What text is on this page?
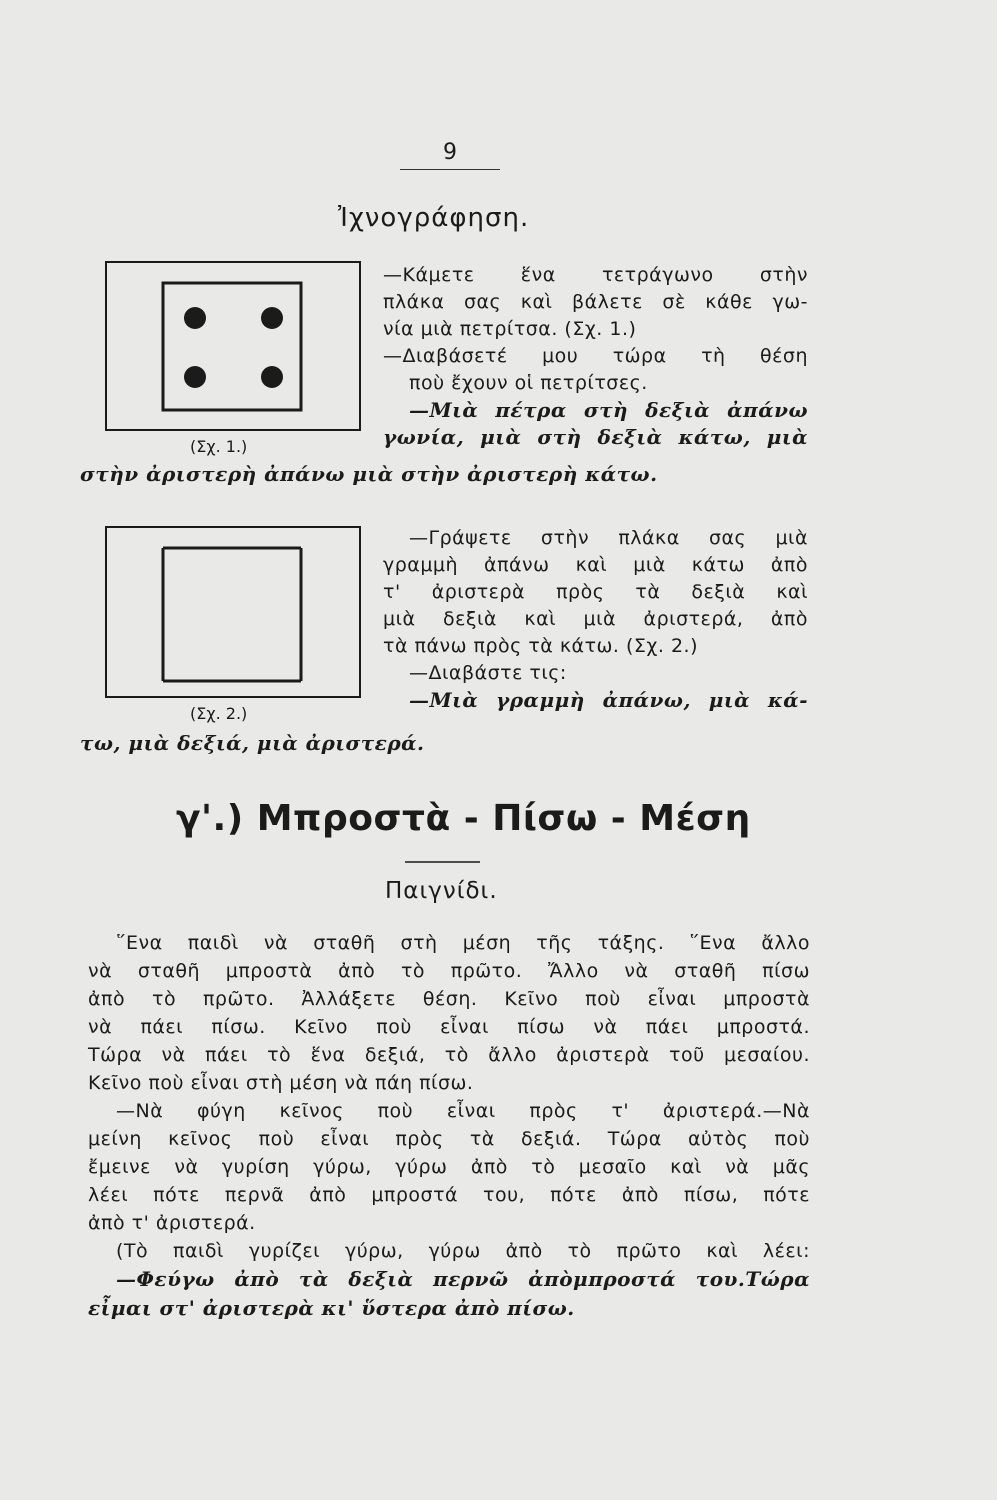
9
Ἰχνογράφηση.
(Σχ. 1.)
—Κάμετε ἕνα τετράγωνο στὴν
πλάκα σας καὶ βάλετε σὲ κάθε γω-
νία μιὰ πετρίτσα. (Σχ. 1.)
—Διαβάσετέ μου τώρα τὴ θέση
ποὺ ἔχουν οἱ πετρίτσες.
—Μιὰ πέτρα στὴ δεξιὰ ἀπάνω
γωνία, μιὰ στὴ δεξιὰ κάτω, μιὰ
στὴν ἀριστερὴ ἀπάνω μιὰ στὴν ἀριστερὴ κάτω.
(Σχ. 2.)
—Γράψετε στὴν πλάκα σας μιὰ
γραμμὴ ἀπάνω καὶ μιὰ κάτω ἀπὸ
τ' ἀριστερὰ πρὸς τὰ δεξιὰ καὶ
μιὰ δεξιὰ καὶ μιὰ ἀριστερά, ἀπὸ
τὰ πάνω πρὸς τὰ κάτω. (Σχ. 2.)
—Διαβάστε τις:
—Μιὰ γραμμὴ ἀπάνω, μιὰ κά-
τω, μιὰ δεξιά, μιὰ ἀριστερά.
γ'.) Μπροστὰ - Πίσω - Μέση
Παιγνίδι.
῞Ενα παιδὶ νὰ σταθῆ στὴ μέση τῆς τάξης. ῞Ενα ἄλλο
νὰ σταθῆ μπροστὰ ἀπὸ τὸ πρῶτο. Ἄλλο νὰ σταθῆ πίσω
ἀπὸ τὸ πρῶτο. Ἀλλάξετε θέση. Κεῖνο ποὺ εἶναι μπροστὰ
νὰ πάει πίσω. Κεῖνο ποὺ εἶναι πίσω νὰ πάει μπροστά.
Τώρα νὰ πάει τὸ ἕνα δεξιά, τὸ ἄλλο ἀριστερὰ τοῦ μεσαίου.
Κεῖνο ποὺ εἶναι στὴ μέση νὰ πάη πίσω.
—Νὰ φύγη κεῖνος ποὺ εἶναι πρὸς τ' ἀριστερά.—Νὰ
μείνη κεῖνος ποὺ εἶναι πρὸς τὰ δεξιά. Τώρα αὐτὸς ποὺ
ἔμεινε νὰ γυρίση γύρω, γύρω ἀπὸ τὸ μεσαῖο καὶ νὰ μᾶς
λέει πότε περνᾶ ἀπὸ μπροστά του, πότε ἀπὸ πίσω, πότε
ἀπὸ τ' ἀριστερά.
(Τὸ παιδὶ γυρίζει γύρω, γύρω ἀπὸ τὸ πρῶτο καὶ λέει:
—Φεύγω ἀπὸ τὰ δεξιὰ περνῶ ἀπὸμπροστά του.Τώρα
εἶμαι στ' ἀριστερὰ κι' ὕστερα ἀπὸ πίσω.
